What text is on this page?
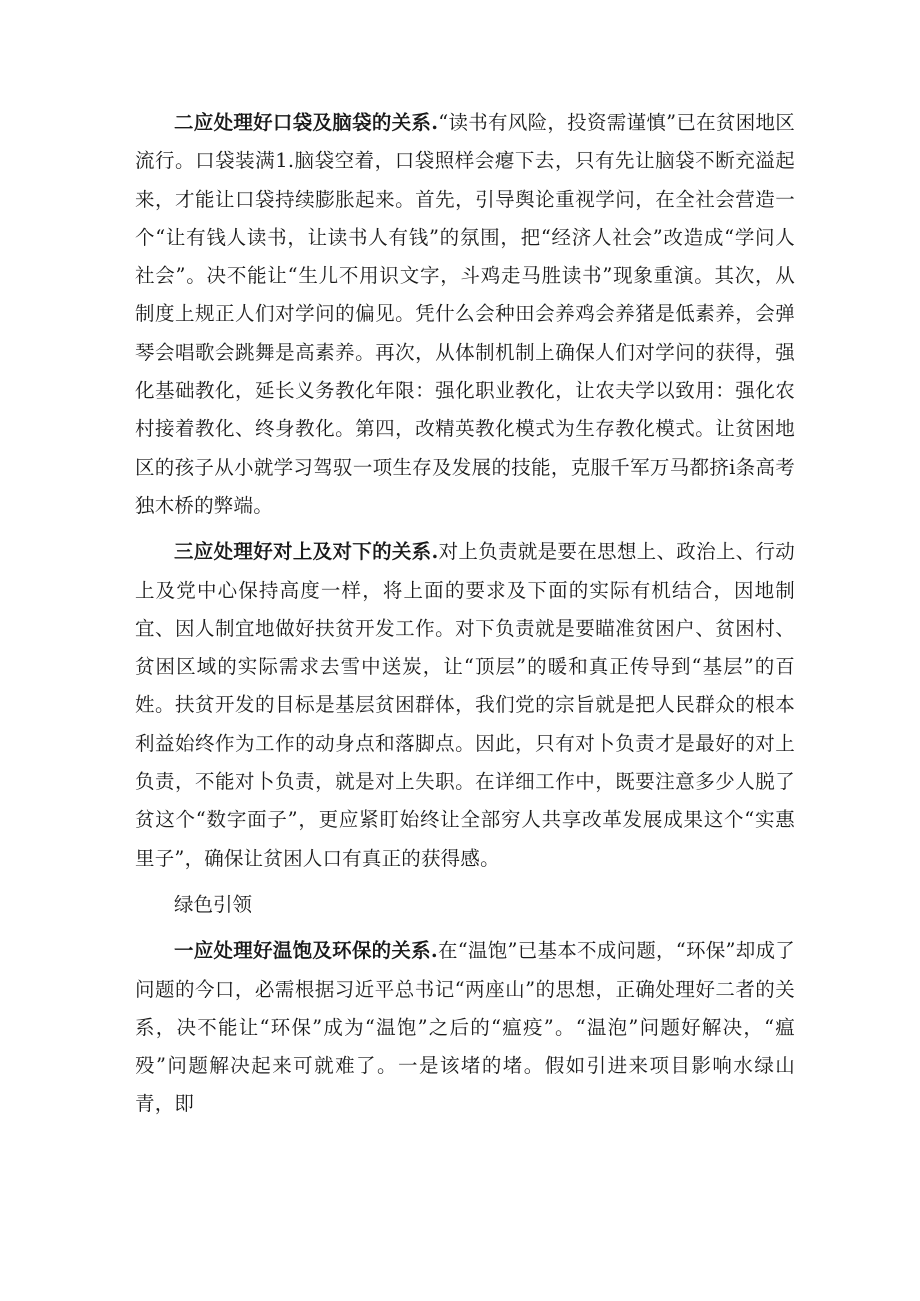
二应处理好口袋及脑袋的关系.“读书有风险，投资需谨慎”已在贫困地区流行。口袋装满1.脑袋空着，口袋照样会瘪下去，只有先让脑袋不断充溢起来，才能让口袋持续膨胀起来。首先，引导舆论重视学问，在全社会营造一个“让有钱人读书，让读书人有钱”的氛围，把“经济人社会”改造成“学问人社会”。决不能让“生儿不用识文字，斗鸡走马胜读书”现象重演。其次，从制度上规正人们对学问的偏见。凭什么会种田会养鸡会养猪是低素养，会弹琴会唱歌会跳舞是高素养。再次，从体制机制上确保人们对学问的获得，强化基础教化，延长义务教化年限：强化职业教化，让农夫学以致用：强化农村接着教化、终身教化。第四，改精英教化模式为生存教化模式。让贫困地区的孩子从小就学习驾驭一项生存及发展的技能，克服千军万马都挤i条高考独木桥的弊端。

三应处理好对上及对下的关系.对上负责就是要在思想上、政治上、行动上及党中心保持高度一样，将上面的要求及下面的实际有机结合，因地制宜、因人制宜地做好扶贫开发工作。对下负责就是要瞄准贫困户、贫困村、贫困区域的实际需求去雪中送炭，让“顶层”的暖和真正传导到“基层”的百姓。扶贫开发的目标是基层贫困群体，我们党的宗旨就是把人民群众的根本利益始终作为工作的动身点和落脚点。因此，只有对卜负责才是最好的对上负责，不能对卜负责，就是对上失职。在详细工作中，既要注意多少人脱了贫这个“数字面子”，更应紧盯始终让全部穷人共享改革发展成果这个“实惠里子”，确保让贫困人口有真正的获得感。

绿色引领

一应处理好温饱及环保的关系.在“温饱”已基本不成问题，“环保”却成了问题的今口，必需根据习近平总书记“两座山”的思想，正确处理好二者的关系，决不能让“环保”成为“温饱”之后的“瘟疫”。“温泡”问题好解决，“瘟殁”问题解决起来可就难了。一是该堵的堵。假如引进来项目影响水绿山青，即
